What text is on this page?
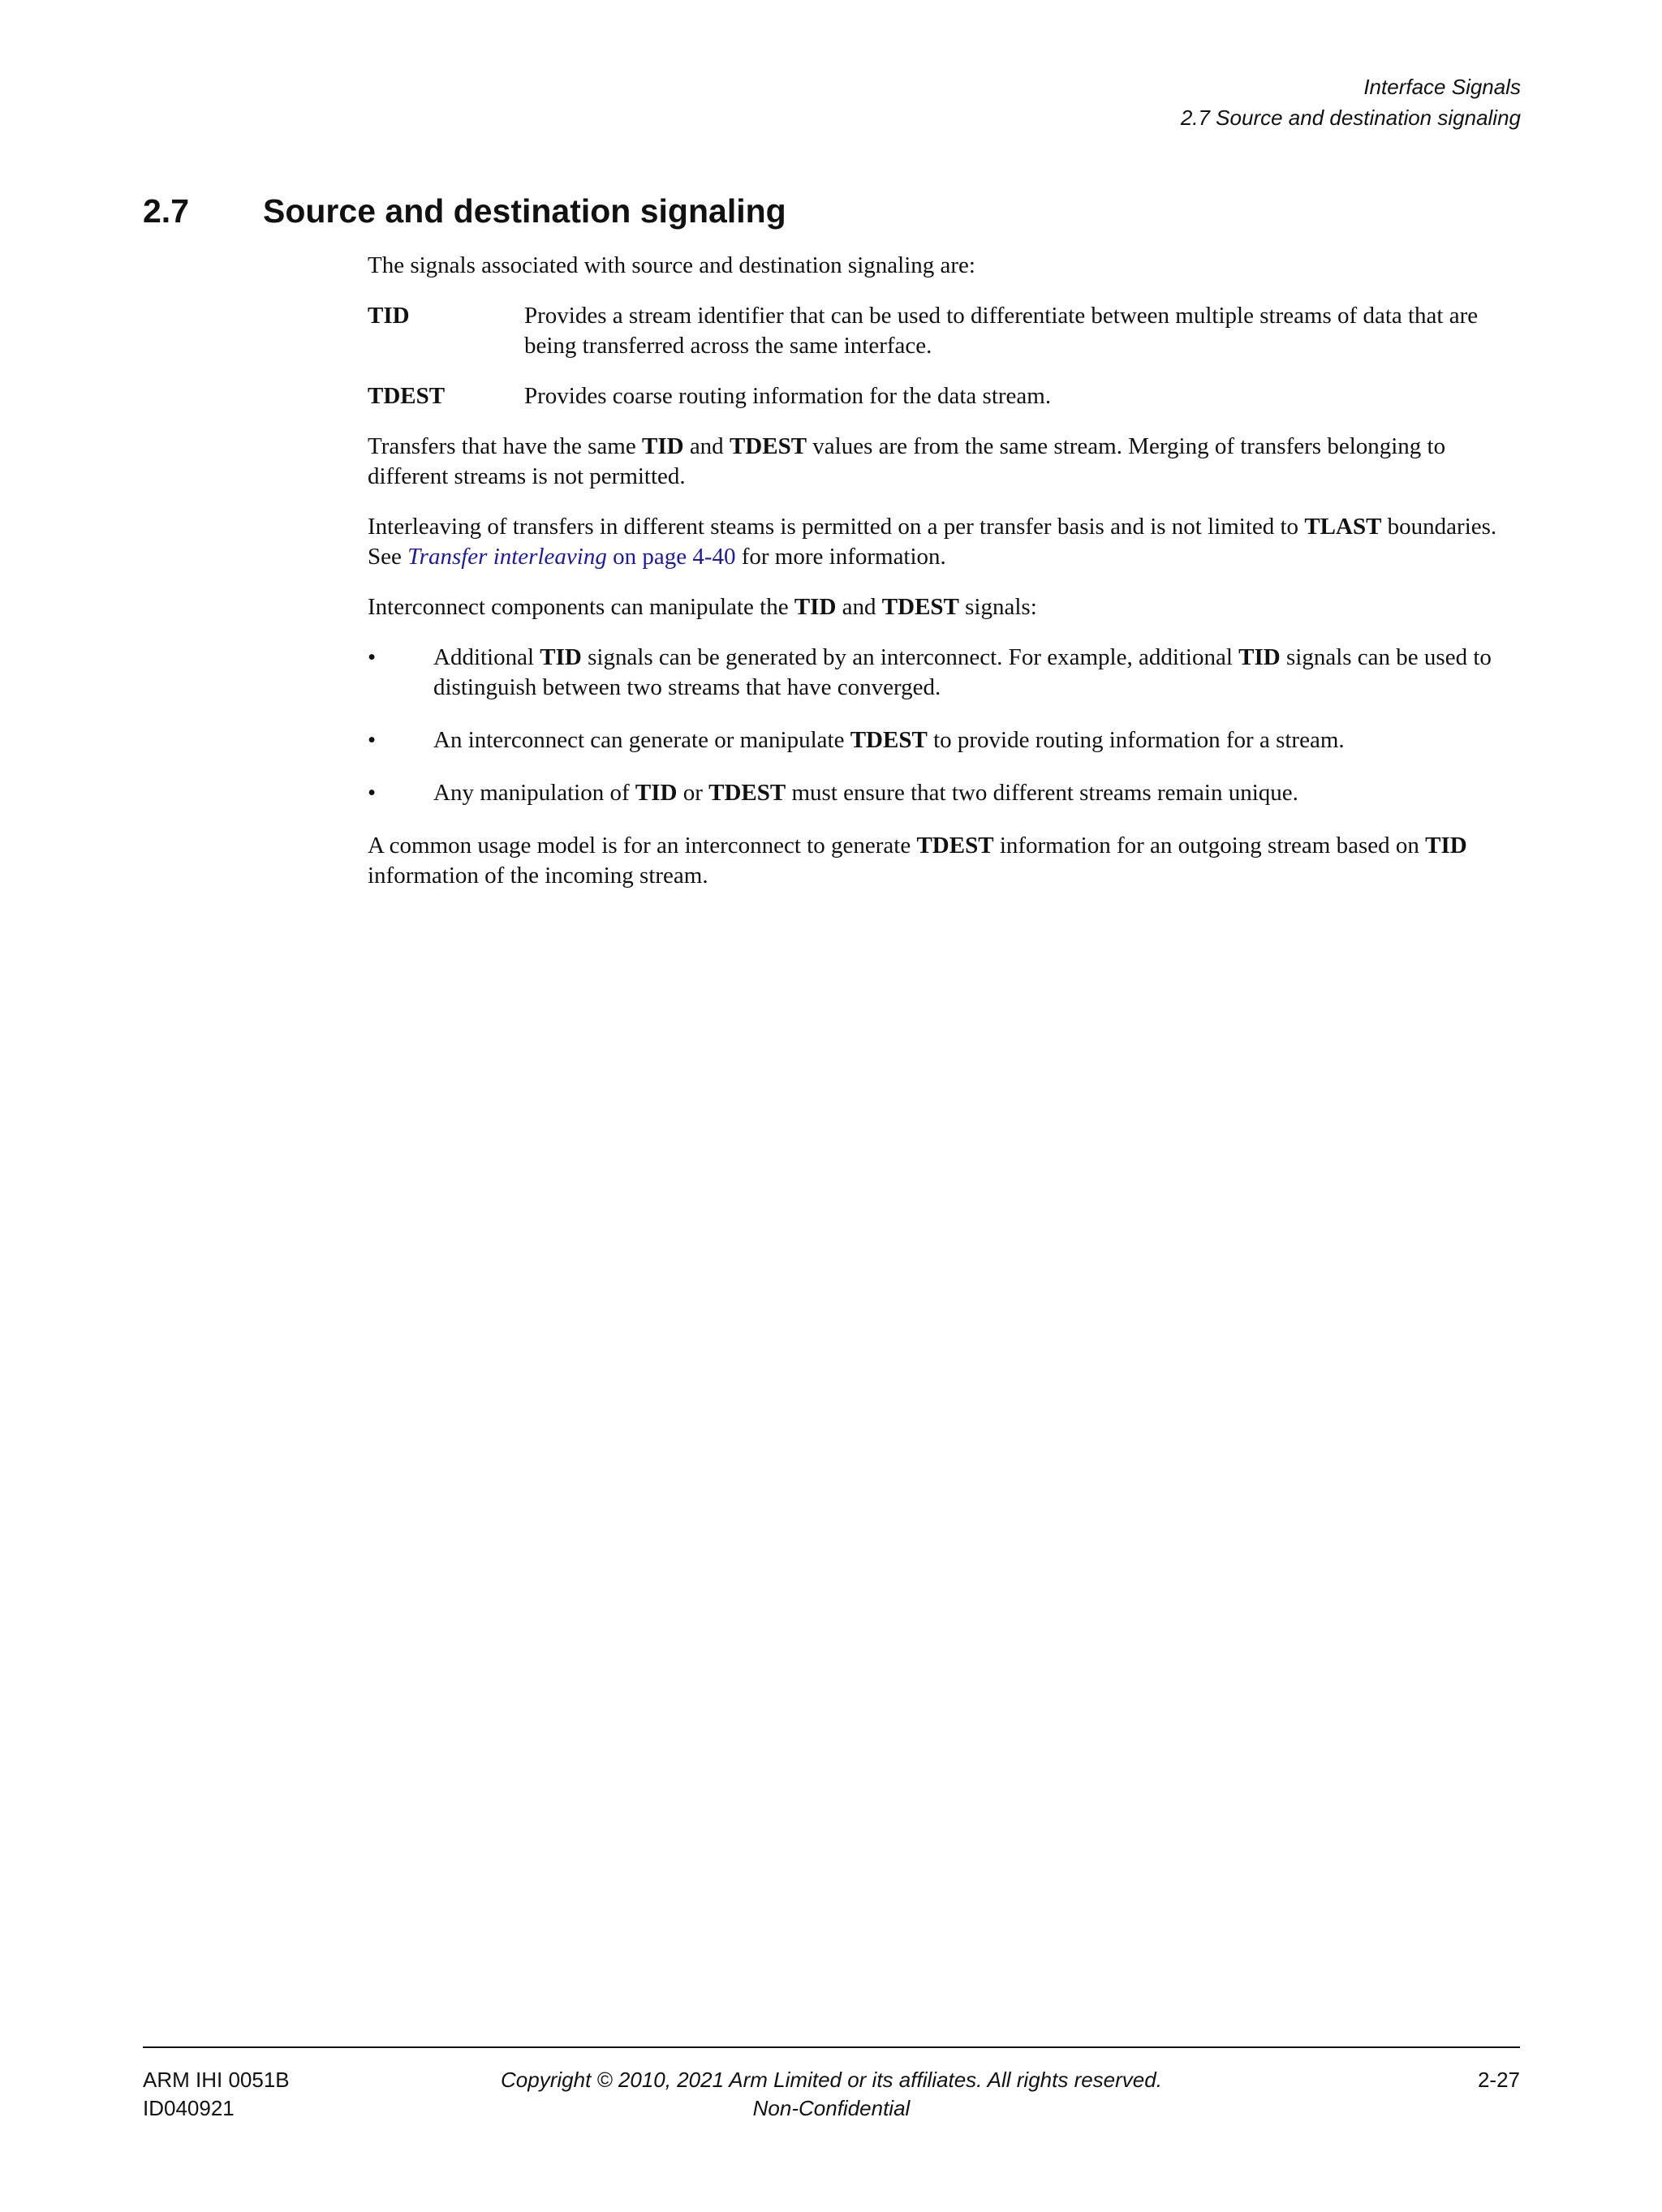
Interface Signals
2.7 Source and destination signaling
2.7 Source and destination signaling

The signals associated with source and destination signaling are:

TID	Provides a stream identifier that can be used to differentiate between multiple streams of data that are being transferred across the same interface.
TDEST	Provides coarse routing information for the data stream.

Transfers that have the same TID and TDEST values are from the same stream. Merging of transfers belonging to different streams is not permitted.

Interleaving of transfers in different steams is permitted on a per transfer basis and is not limited to TLAST boundaries. See Transfer interleaving on page 4-40 for more information.

Interconnect components can manipulate the TID and TDEST signals:

•	Additional TID signals can be generated by an interconnect. For example, additional TID signals can be used to distinguish between two streams that have converged.
•	An interconnect can generate or manipulate TDEST to provide routing information for a stream.
•	Any manipulation of TID or TDEST must ensure that two different streams remain unique.

A common usage model is for an interconnect to generate TDEST information for an outgoing stream based on TID information of the incoming stream.

Copyright © 2010, 2021 Arm Limited or its affiliates. All rights reserved.
Non-Confidential
ARM IHI 0051B
ID040921
2-27
